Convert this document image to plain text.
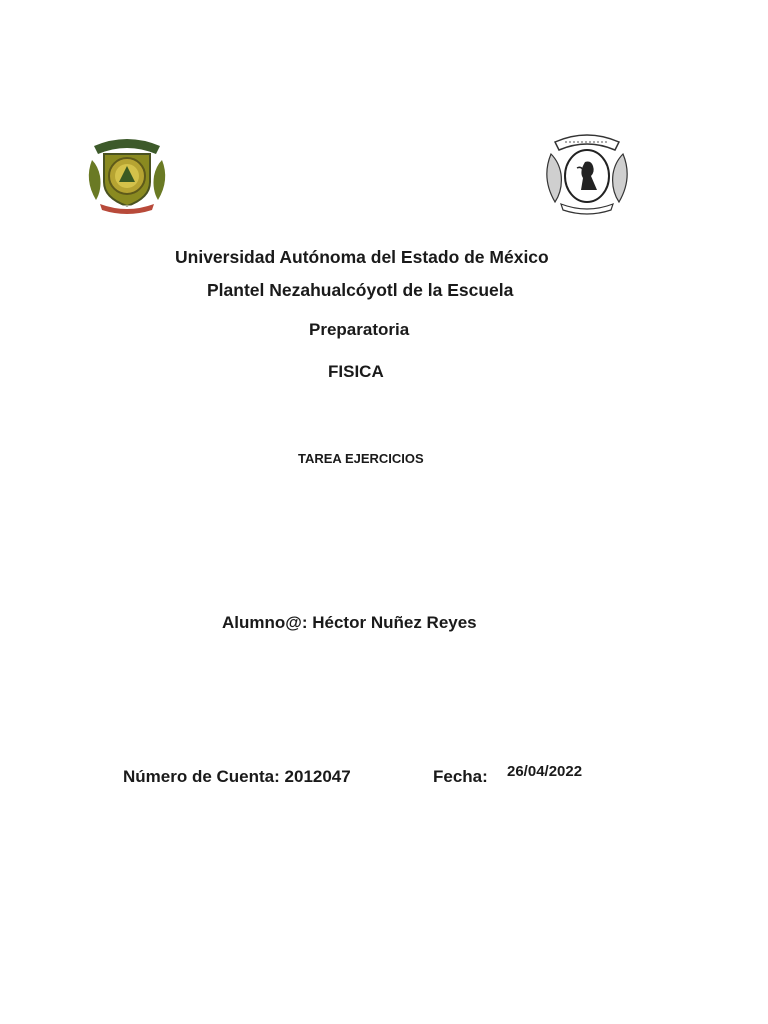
Universidad Autónoma del Estado de México
Plantel Nezahualcóyotl de la Escuela
Preparatoria
FISICA
TAREA EJERCICIOS
Alumno@: Héctor Nuñez Reyes
Número de Cuenta: 2012047	Fecha: 26/04/2022
